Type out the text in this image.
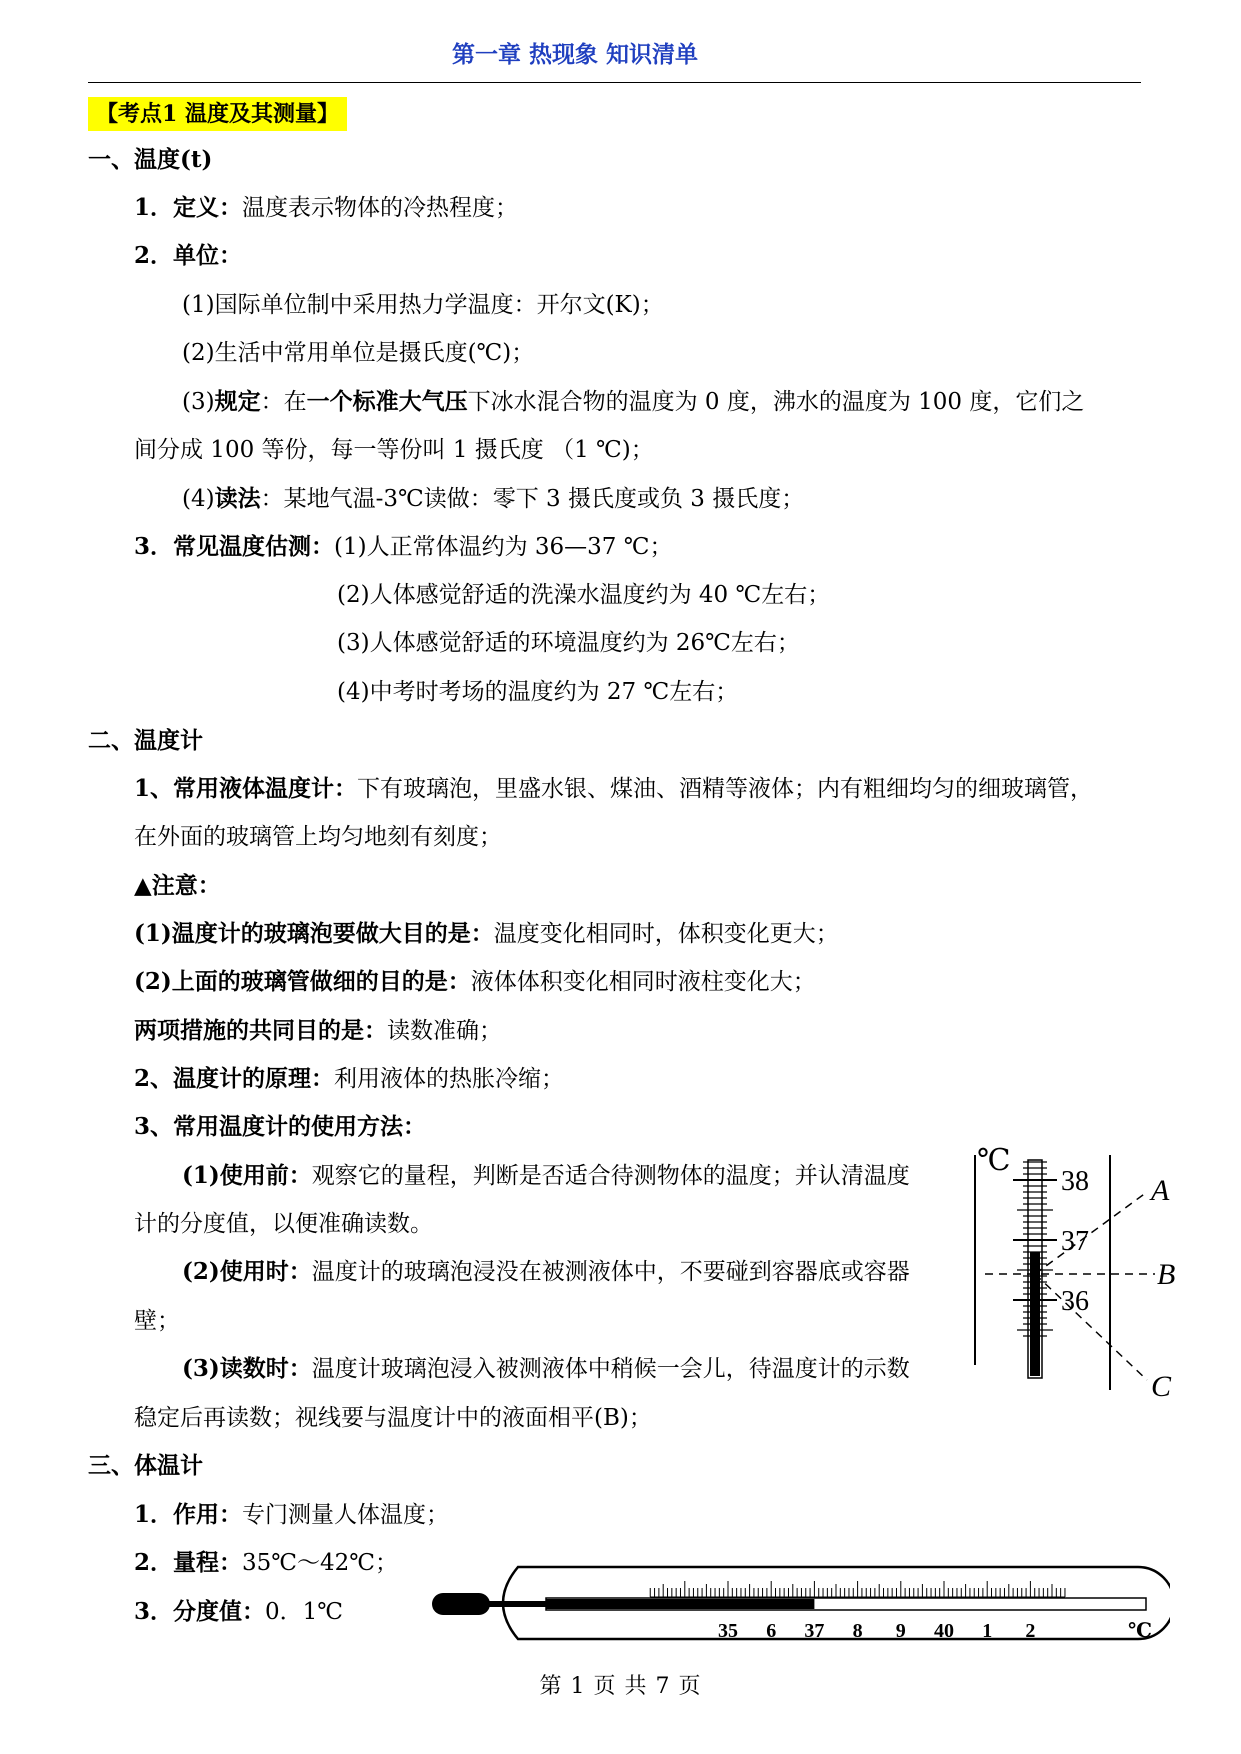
第一章 热现象 知识清单
【考点1 温度及其测量】
一、温度(t)
1．定义：温度表示物体的冷热程度；
2．单位：
(1)国际单位制中采用热力学温度：开尔文(K)；
(2)生活中常用单位是摄氏度(℃)；
(3)规定：在一个标准大气压下冰水混合物的温度为 0 度，沸水的温度为 100 度，它们之
间分成 100 等份，每一等份叫 1 摄氏度 （1 ℃)；
(4)读法：某地气温-3℃读做：零下 3 摄氏度或负 3 摄氏度；
3．常见温度估测：(1)人正常体温约为 36—37 ℃；
(2)人体感觉舒适的洗澡水温度约为 40 ℃左右；
(3)人体感觉舒适的环境温度约为 26℃左右；
(4)中考时考场的温度约为 27 ℃左右；
二、温度计
1、常用液体温度计：下有玻璃泡，里盛水银、煤油、酒精等液体；内有粗细均匀的细玻璃管，
在外面的玻璃管上均匀地刻有刻度；
▲注意：
(1)温度计的玻璃泡要做大目的是：温度变化相同时，体积变化更大；
(2)上面的玻璃管做细的目的是：液体体积变化相同时液柱变化大；
两项措施的共同目的是：读数准确；
2、温度计的原理：利用液体的热胀冷缩；
3、常用温度计的使用方法：
(1)使用前：观察它的量程，判断是否适合待测物体的温度；并认清温度
计的分度值，以便准确读数。
(2)使用时：温度计的玻璃泡浸没在被测液体中，不要碰到容器底或容器
壁；
(3)读数时：温度计玻璃泡浸入被测液体中稍候一会儿，待温度计的示数
稳定后再读数；视线要与温度计中的液面相平(B)；
℃
38
37
36
A
B
C
三、体温计
1．作用：专门测量人体温度；
2．量程：35℃～42℃；
3．分度值：0．1℃
35 6 37 8 9 40 1 2	℃
第 1 页 共 7 页
